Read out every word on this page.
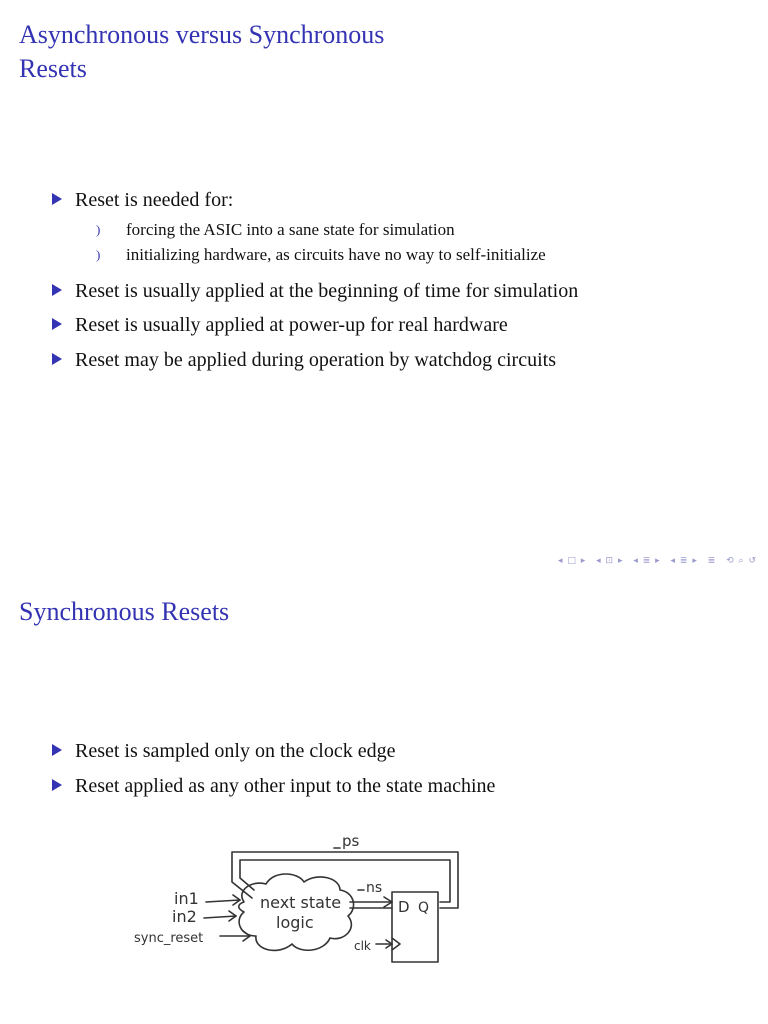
Asynchronous versus Synchronous
Resets
Reset is needed for:
) forcing the ASIC into a sane state for simulation
) initializing hardware, as circuits have no way to self-initialize
Reset is usually applied at the beginning of time for simulation
Reset is usually applied at power-up for real hardware
Reset may be applied during operation by watchdog circuits
◂ □ ▸ ◂ ⊡ ▸ ◂ ≣ ▸ ◂ ≣ ▸ ≣ ⟲ ⌕ ↺
Synchronous Resets
Reset is sampled only on the clock edge
Reset applied as any other input to the state machine
ps
ns
in1
in2
sync_reset
next state
logic
D Q
clk
